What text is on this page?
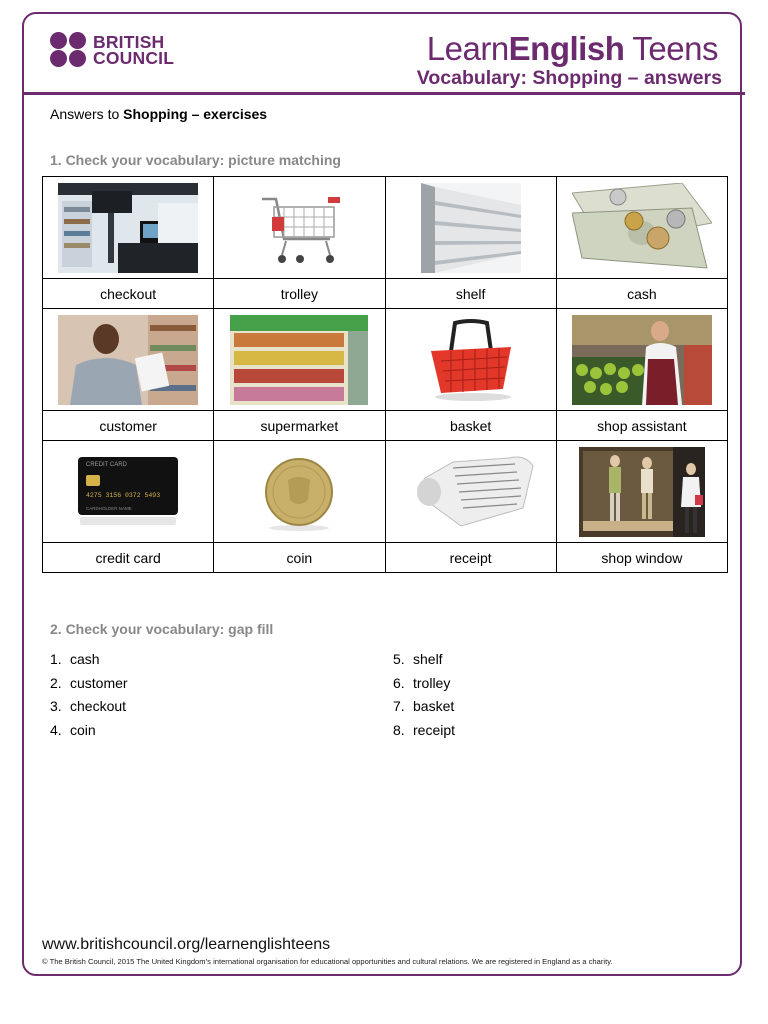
BRITISH
COUNCIL	LearnEnglish Teens
Vocabulary: Shopping – answers
Answers to Shopping – exercises
1. Check your vocabulary: picture matching

checkout	trolley	shelf	cash

customer	supermarket	basket	shop assistant

CREDIT CARD
4275 3156 0372 5493
CARDHOLDER NAME

credit card	coin	receipt	shop window
2. Check your vocabulary: gap fill
1. cash
2. customer
3. checkout
4. coin
5. shelf
6. trolley
7. basket
8. receipt
www.britishcouncil.org/learnenglishteens
© The British Council, 2015 The United Kingdom’s international organisation for educational opportunities and cultural relations. We are registered in England as a charity.
